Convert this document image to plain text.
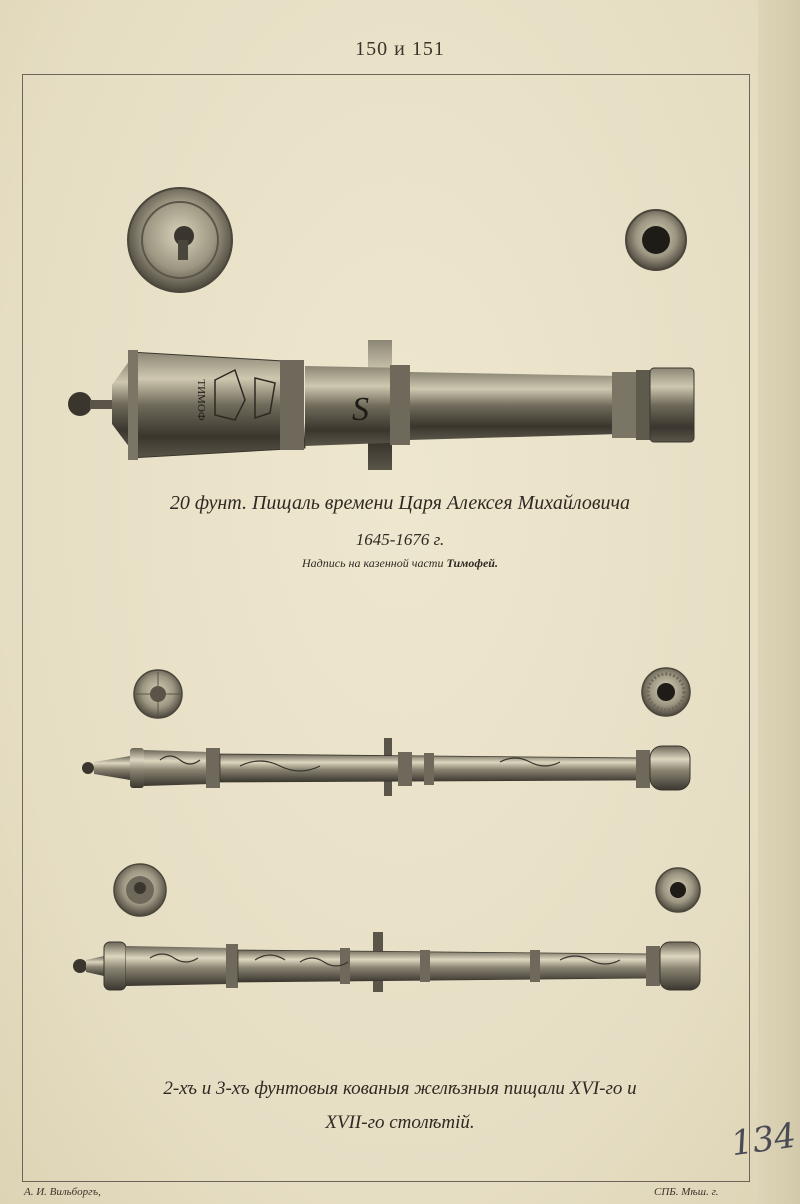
150 и 151
ТИМОФ	S
20 фунт. Пищаль времени Царя Алексея Михайловича
1645-1676 г.
Надпись на казенной части Тимофей.
2-хъ и 3-хъ фунтовыя кованыя желѣзныя пищали XVI-го и
XVII-го столѣтій.
А. И. Вильборгъ,	СПБ. Мѣш. г.
134
